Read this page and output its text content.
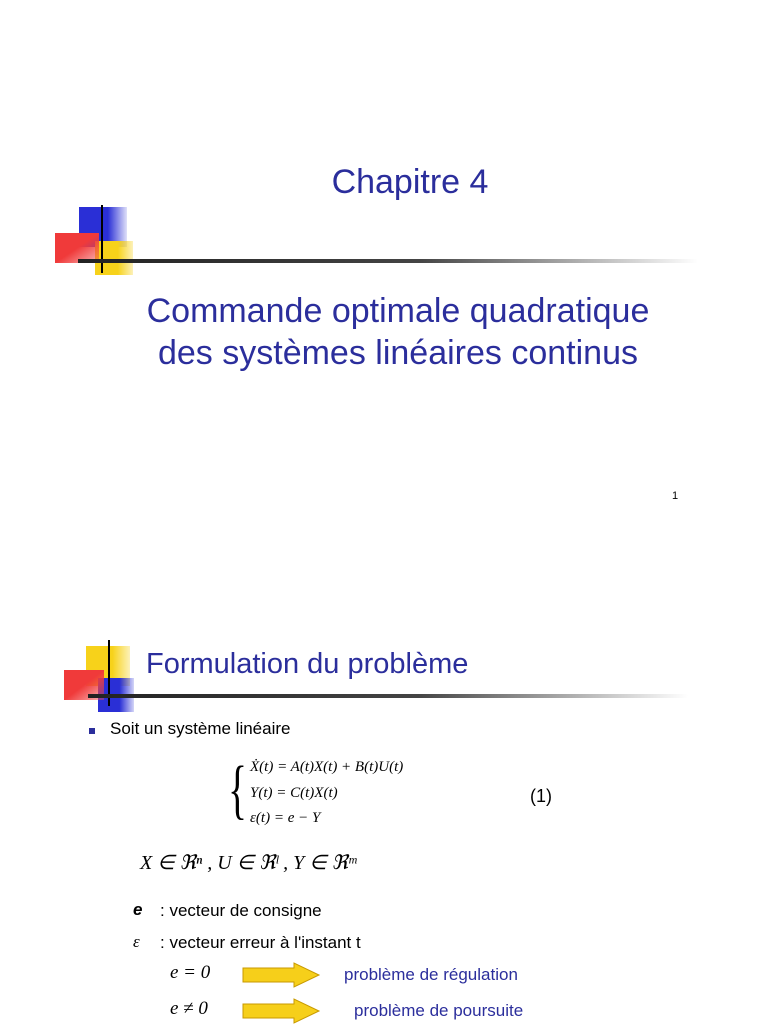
Chapitre 4
Commande optimale quadratique
des systèmes linéaires continus
1
Formulation du problème
Soit un système linéaire
{ Ẋ(t) = A(t)X(t) + B(t)U(t)
Y(t) = C(t)X(t)
ε(t) = e − Y
(1)
X ∈ ℜⁿ , U ∈ ℜˡ , Y ∈ ℜᵐ
e : vecteur de consigne
ε : vecteur erreur à l'instant t
e = 0	problème de régulation
e ≠ 0	problème de poursuite
